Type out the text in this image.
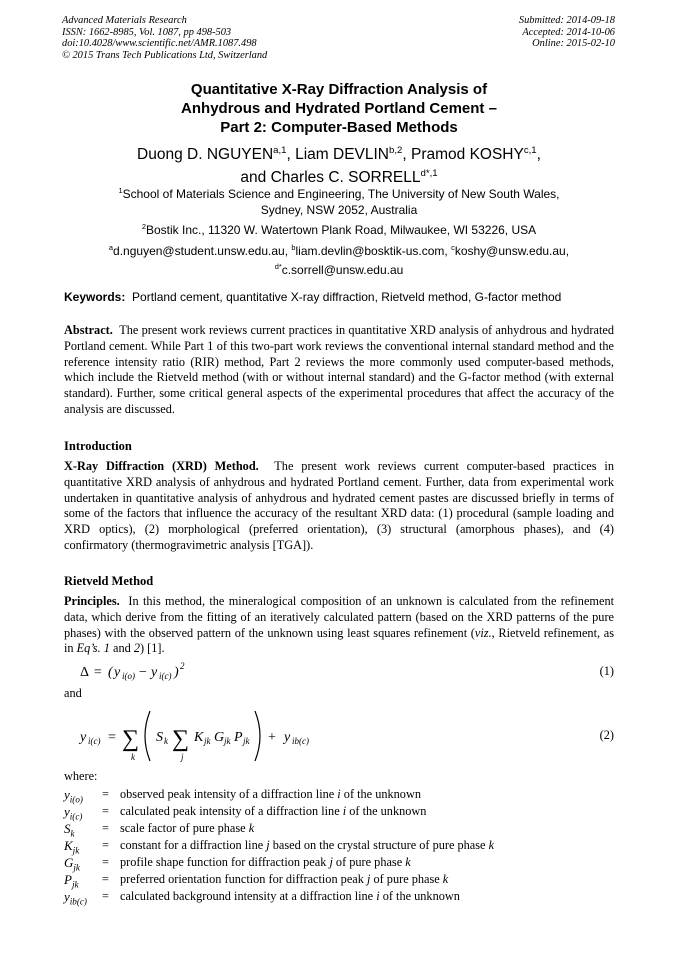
Advanced Materials Research
ISSN: 1662-8985, Vol. 1087, pp 498-503
doi:10.4028/www.scientific.net/AMR.1087.498
© 2015 Trans Tech Publications Ltd, Switzerland
Submitted: 2014-09-18
Accepted: 2014-10-06
Online: 2015-02-10
Quantitative X-Ray Diffraction Analysis of
Anhydrous and Hydrated Portland Cement –
Part 2: Computer-Based Methods
Duong D. NGUYEN$^{a,1}$, Liam DEVLIN$^{b,2}$, Pramod KOSHY$^{c,1}$,
and Charles C. $SORRELL^{d*,1}$
$^1$School of Materials Science and Engineering, The University of New South Wales,
Sydney, NSW 2052, Australia
$^2$Bostik Inc., 11320 W. Watertown Plank Road, Milwaukee, WI 53226, USA
$^a$d.nguyen@student.unsw.edu.au, $^b$liam.devlin@bosktik-us.com, $^c$koshy@unsw.edu.au,
$^{d*}$c.sorrell@unsw.edu.au
Keywords: Portland cement, quantitative X-ray diffraction, Rietveld method, G-factor method
Abstract. The present work reviews current practices in quantitative XRD analysis of anhydrous and hydrated Portland cement. While Part 1 of this two-part work reviews the conventional internal standard method and the reference intensity ratio (RIR) method, Part 2 reviews the more commonly used computer-based methods, which include the Rietveld method (with or without internal standard) and the G-factor method (with external standard). Further, some critical general aspects of the experimental procedures that affect the accuracy of the analysis are discussed.
Introduction
X-Ray Diffraction (XRD) Method. The present work reviews current computer-based practices in quantitative XRD analysis of anhydrous and hydrated Portland cement. Further, data from experimental work undertaken in quantitative analysis of anhydrous and hydrated cement pastes are discussed briefly in terms of some of the factors that influence the accuracy of the resultant XRD data: (1) procedural (sample loading and XRD optics), (2) morphological (preferred orientation), (3) structural (amorphous phases), and (4) confirmatory (thermogravimetric analysis [TGA]).
Rietveld Method
Principles. In this method, the mineralogical composition of an unknown is calculated from the refinement data, which derive from the fitting of an iteratively calculated pattern (based on the XRD patterns of the pure phases) with the observed pattern of the unknown using least squares refinement (viz., Rietveld refinement, as in Eq’s. 1 and 2) [1].
Δ = ( y i(o) − y i(c) ) 2	(1)
and
y i(c) = ∑
k
S k ∑
j
K jk G jk P jk + y ib(c)	(2)
where:
$y_{i(o)}$	= observed peak intensity of a diffraction line i of the unknown
$y_{i(c)}$	= calculated peak intensity of a diffraction line i of the unknown
$S_k$	= scale factor of pure phase k
$K_{jk}$	= constant for a diffraction line j based on the crystal structure of pure phase k
$G_{jk}$	= profile shape function for diffraction peak j of pure phase k
$P_{jk}$	= preferred orientation function for diffraction peak j of pure phase k
$y_{ib(c)}$	= calculated background intensity at a diffraction line i of the unknown
